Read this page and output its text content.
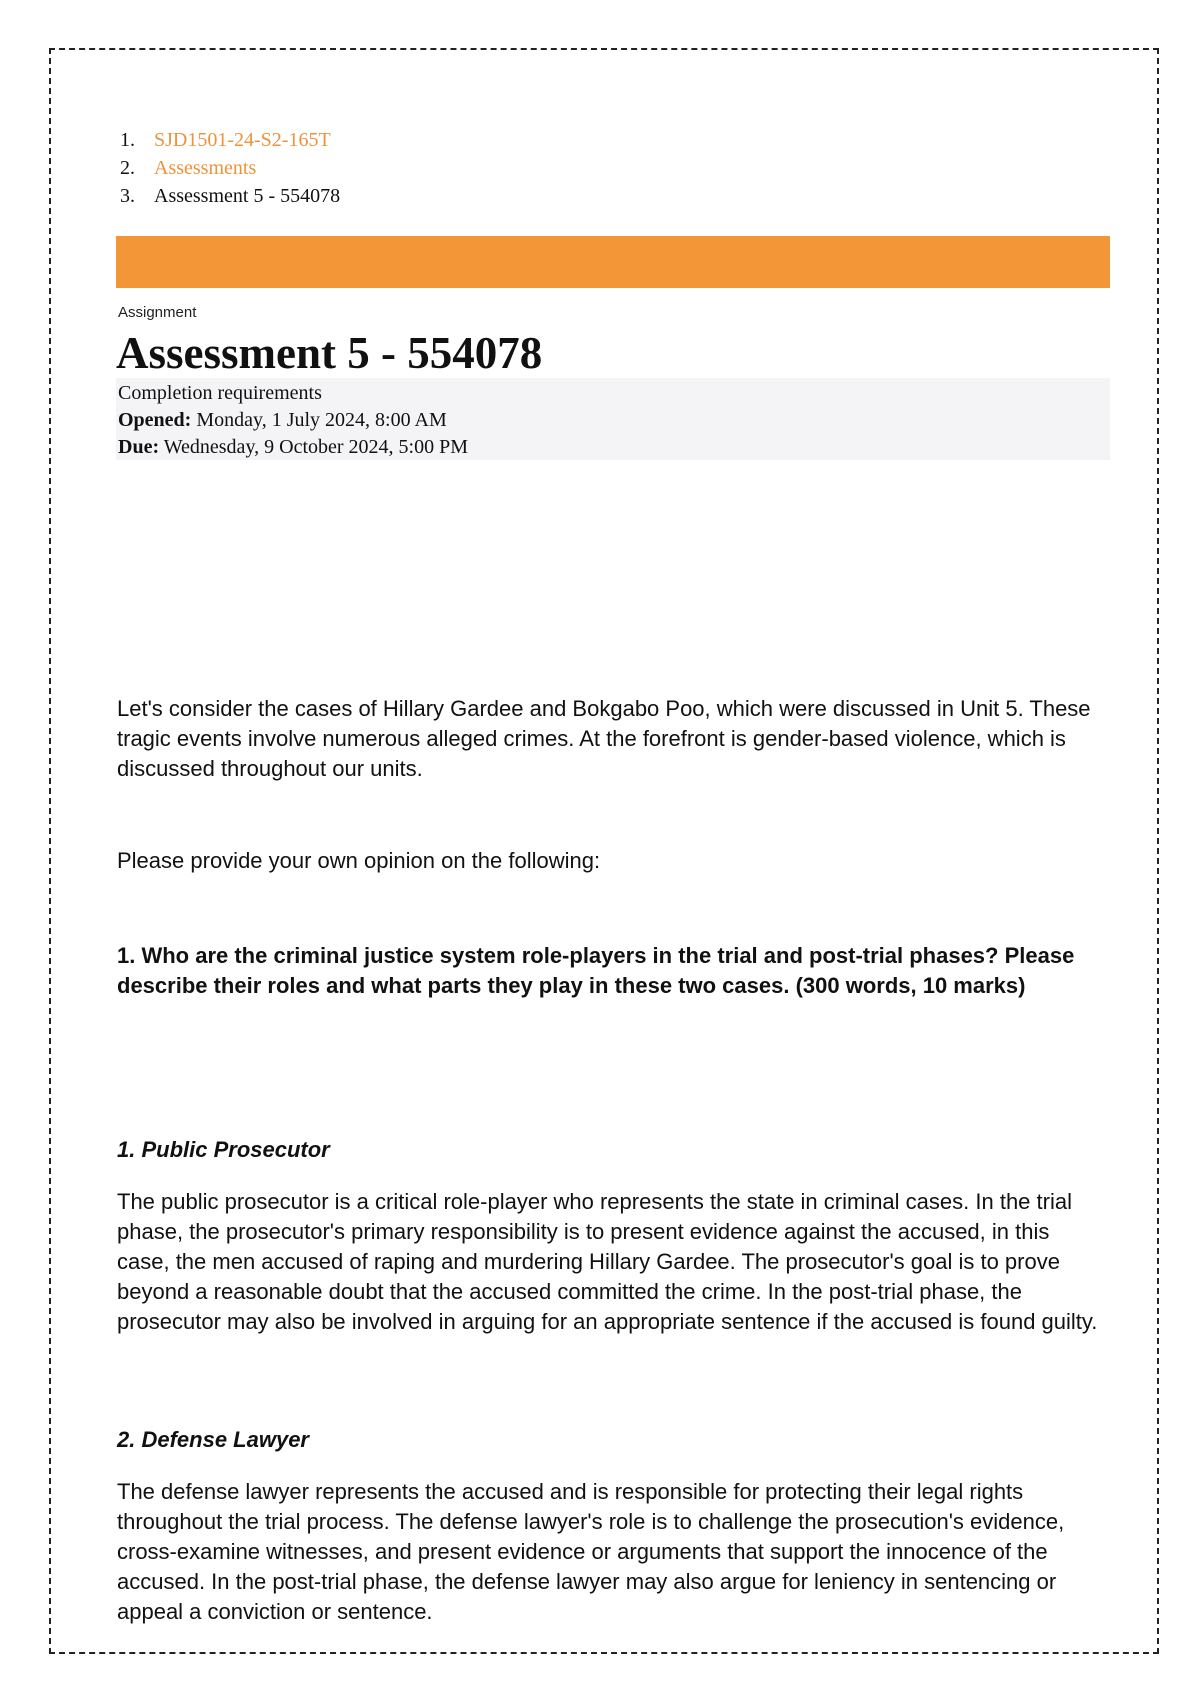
1. SJD1501-24-S2-165T
2. Assessments
3. Assessment 5 - 554078
Assignment
Assessment 5 - 554078
Completion requirements
Opened: Monday, 1 July 2024, 8:00 AM
Due: Wednesday, 9 October 2024, 5:00 PM
Let's consider the cases of Hillary Gardee and Bokgabo Poo, which were discussed in Unit 5. These tragic events involve numerous alleged crimes. At the forefront is gender-based violence, which is discussed throughout our units.
Please provide your own opinion on the following:
1. Who are the criminal justice system role-players in the trial and post-trial phases? Please describe their roles and what parts they play in these two cases. (300 words, 10 marks)
1. Public Prosecutor
The public prosecutor is a critical role-player who represents the state in criminal cases. In the trial phase, the prosecutor's primary responsibility is to present evidence against the accused, in this case, the men accused of raping and murdering Hillary Gardee. The prosecutor's goal is to prove beyond a reasonable doubt that the accused committed the crime. In the post-trial phase, the prosecutor may also be involved in arguing for an appropriate sentence if the accused is found guilty.
2. Defense Lawyer
The defense lawyer represents the accused and is responsible for protecting their legal rights throughout the trial process. The defense lawyer's role is to challenge the prosecution's evidence, cross-examine witnesses, and present evidence or arguments that support the innocence of the accused. In the post-trial phase, the defense lawyer may also argue for leniency in sentencing or appeal a conviction or sentence.
